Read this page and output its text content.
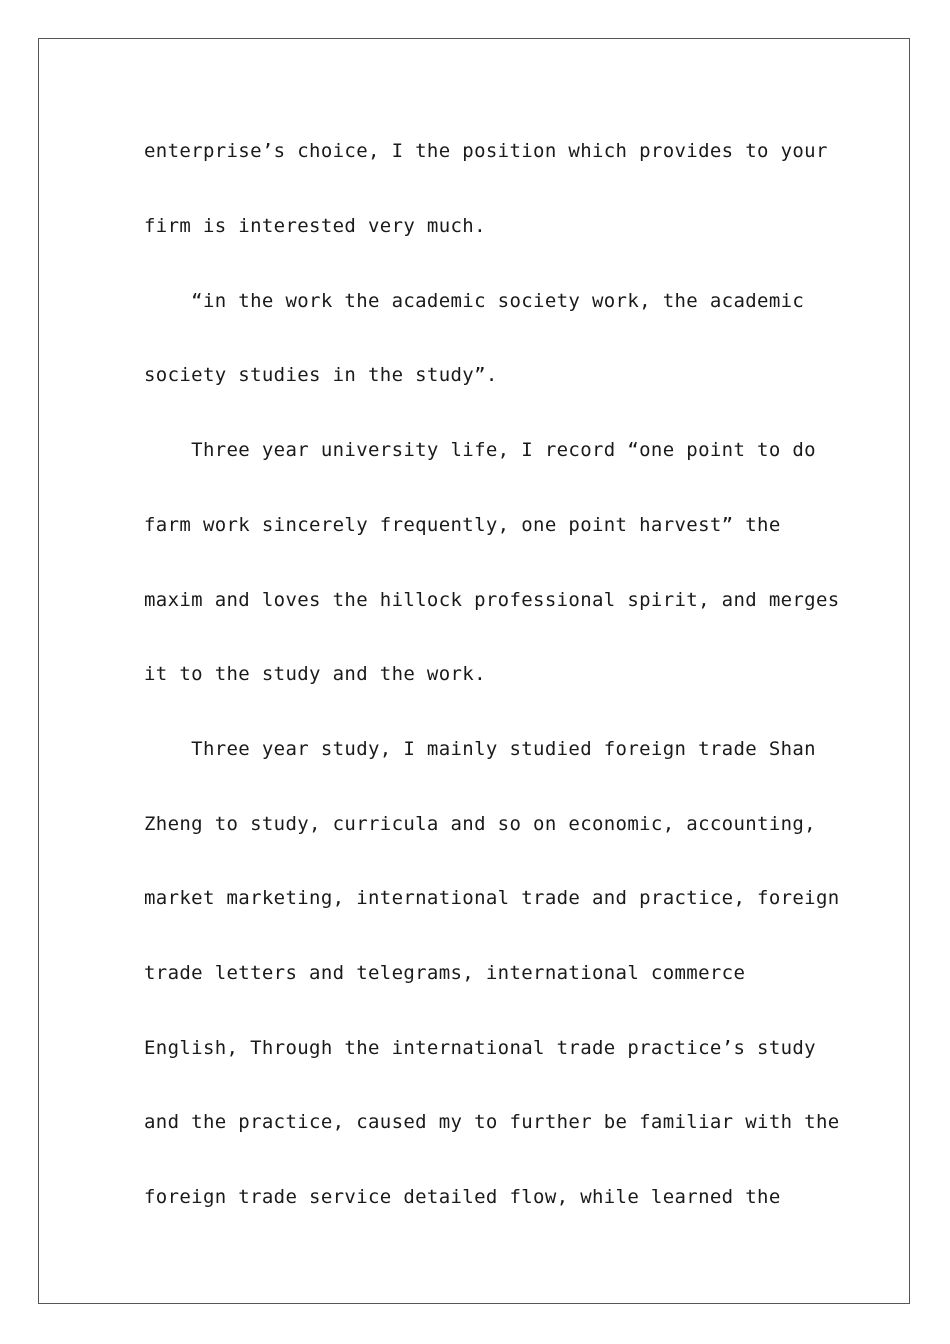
enterprise’s choice, I the position which provides to your
firm is interested very much.
“in the work the academic society work, the academic
society studies in the study”.
Three year university life, I record “one point to do
farm work sincerely frequently, one point harvest” the
maxim and loves the hillock professional spirit, and merges
it to the study and the work.
Three year study, I mainly studied foreign trade Shan
Zheng to study, curricula and so on economic, accounting,
market marketing, international trade and practice, foreign
trade letters and telegrams, international commerce
English, Through the international trade practice’s study
and the practice, caused my to further be familiar with the
foreign trade service detailed flow, while learned the
